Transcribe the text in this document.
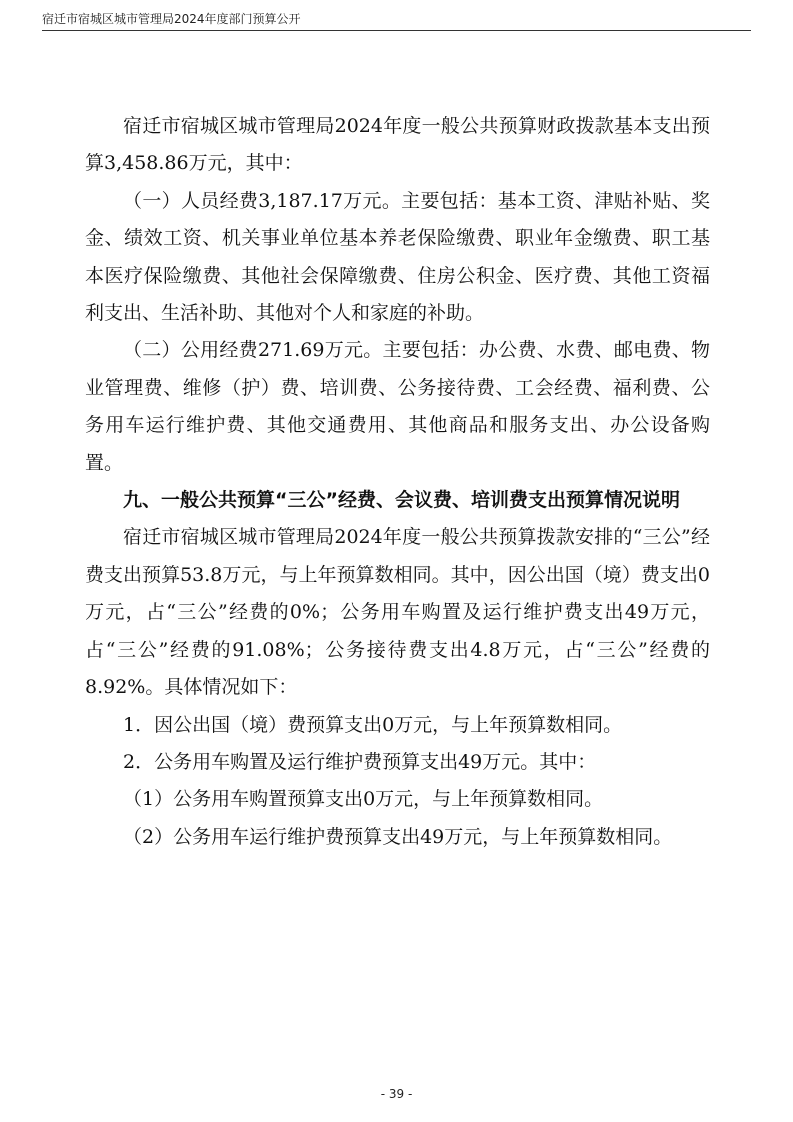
宿迁市宿城区城市管理局2024年度部门预算公开

宿迁市宿城区城市管理局2024年度一般公共预算财政拨款基本支出预算3,458.86万元，其中：

（一）人员经费3,187.17万元。主要包括：基本工资、津贴补贴、奖金、绩效工资、机关事业单位基本养老保险缴费、职业年金缴费、职工基本医疗保险缴费、其他社会保障缴费、住房公积金、医疗费、其他工资福利支出、生活补助、其他对个人和家庭的补助。

（二）公用经费271.69万元。主要包括：办公费、水费、邮电费、物业管理费、维修（护）费、培训费、公务接待费、工会经费、福利费、公务用车运行维护费、其他交通费用、其他商品和服务支出、办公设备购置。

九、一般公共预算“三公”经费、会议费、培训费支出预算情况说明

宿迁市宿城区城市管理局2024年度一般公共预算拨款安排的“三公”经费支出预算53.8万元，与上年预算数相同。其中，因公出国（境）费支出0万元，占“三公”经费的0%；公务用车购置及运行维护费支出49万元，占“三公”经费的91.08%；公务接待费支出4.8万元，占“三公”经费的8.92%。具体情况如下：

1．因公出国（境）费预算支出0万元，与上年预算数相同。

2．公务用车购置及运行维护费预算支出49万元。其中：

（1）公务用车购置预算支出0万元，与上年预算数相同。

（2）公务用车运行维护费预算支出49万元，与上年预算数相同。

- 39 -
